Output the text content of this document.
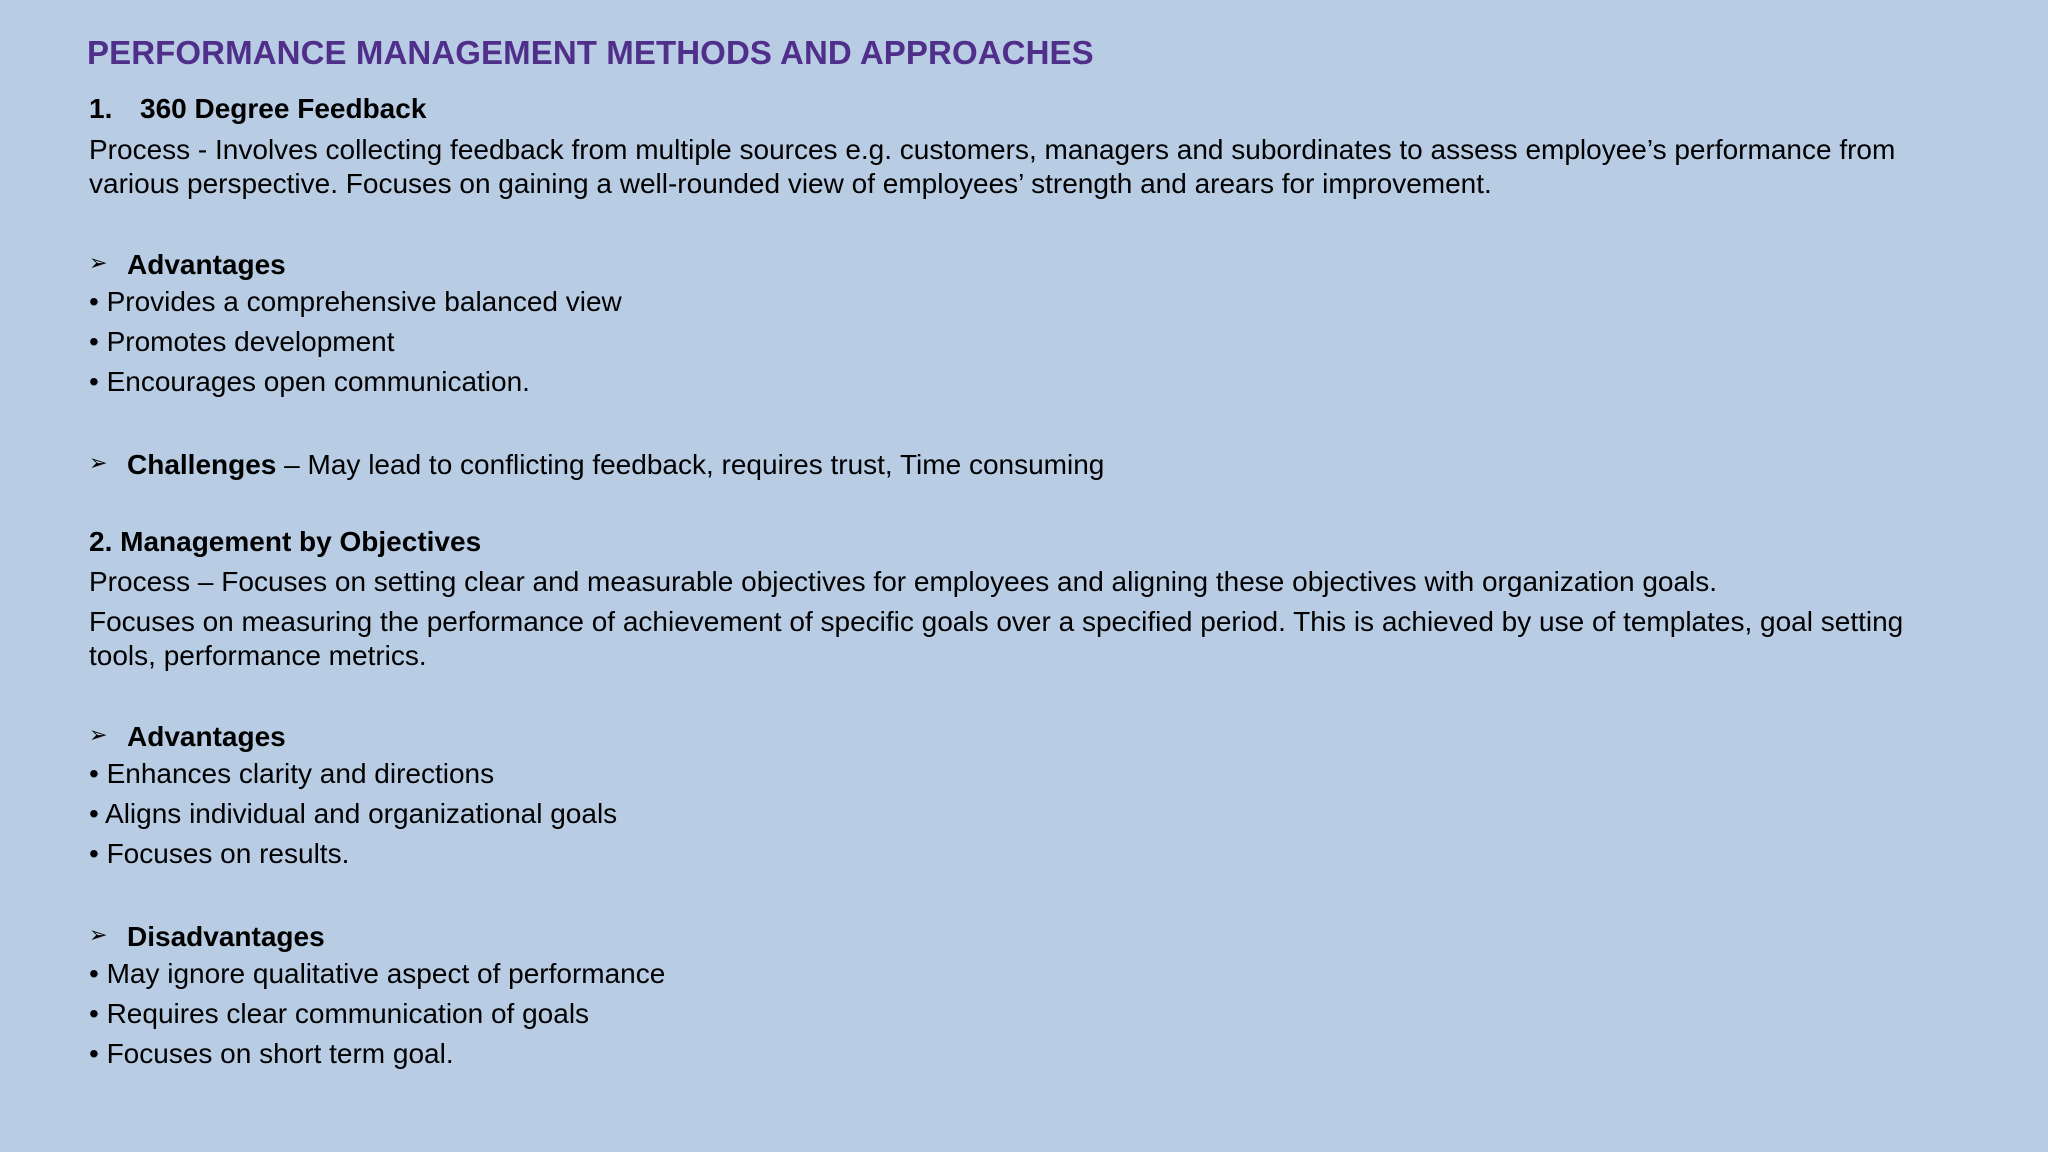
PERFORMANCE MANAGEMENT METHODS AND APPROACHES
1. 360 Degree Feedback
Process - Involves collecting feedback from multiple sources e.g. customers, managers and subordinates to assess employee’s performance from various perspective. Focuses on gaining a well-rounded view of employees’ strength and arears for improvement.
➢ Advantages
• Provides a comprehensive balanced view
• Promotes development
• Encourages open communication.
➢ Challenges – May lead to conflicting feedback, requires trust, Time consuming
2. Management by Objectives
Process – Focuses on setting clear and measurable objectives for employees and aligning these objectives with organization goals.
Focuses on measuring the performance of achievement of specific goals over a specified period. This is achieved by use of templates, goal setting tools, performance metrics.
➢ Advantages
• Enhances clarity and directions
• Aligns individual and organizational goals
• Focuses on results.
➢ Disadvantages
• May ignore qualitative aspect of performance
• Requires clear communication of goals
• Focuses on short term goal.
